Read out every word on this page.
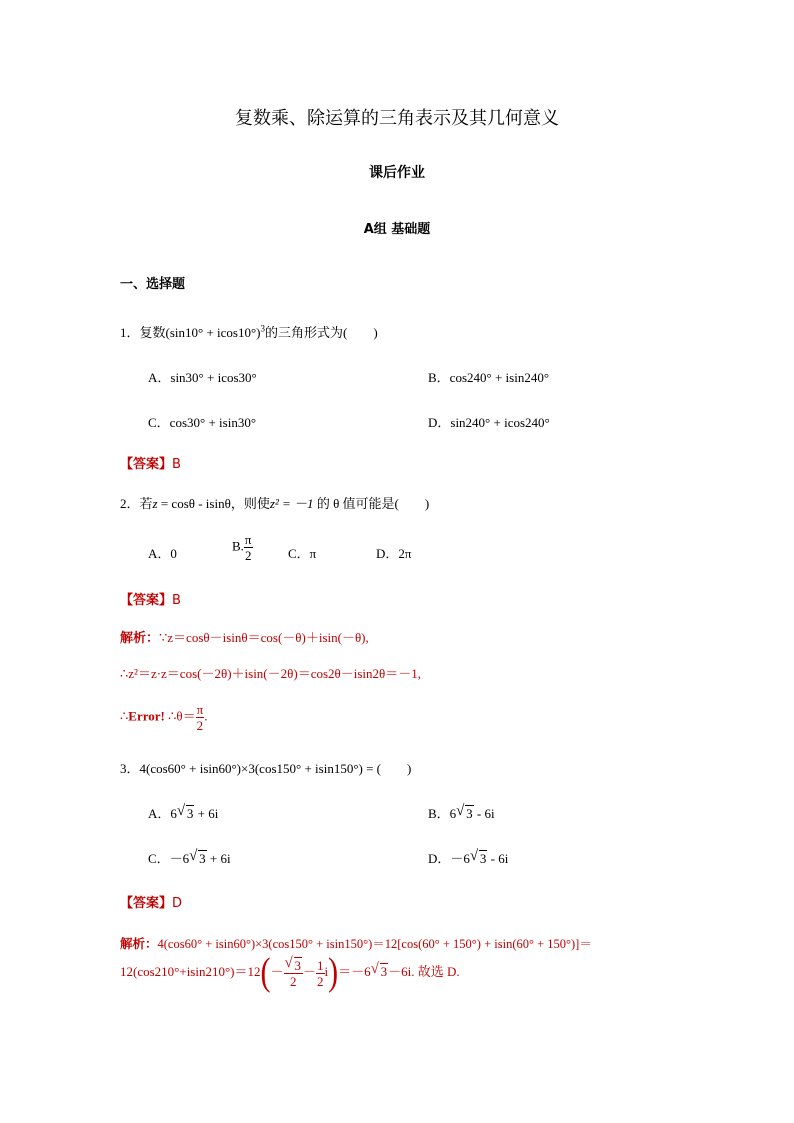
复数乘、除运算的三角表示及其几何意义
课后作业
A组 基础题
一、选择题
1．复数$(\sin 10^\circ + icos10^\circ)^3$的三角形式为(　　)
A．sin30° + icos30°	B．cos240° + isin240°
C．cos30° + isin30°	D．sin240° + icos240°
【答案】B
2．若z = cosθ - isinθ，则使z² = －1 的 θ 值可能是(　　)
A．0
B. $\frac{\pi}{2}$	C．π	D．2π
【答案】B
解析：∵z＝cosθ－isinθ＝cos(－θ)＋isin(－θ),
∴z²＝z·z＝cos(－2θ)＋isin(－2θ)＝cos2θ－isin2θ＝－1,
∴Error! ∴θ＝ $\frac{\pi}{2}$ .
3．4(cos60° + isin60°)×3(cos150° + isin150°) = (　　)
A．6 √ 3 + 6i	B．6 √ 3 - 6i
C．－6 √ 3 + 6i	D．－6 √ 3 - 6i
【答案】D
解析：4(cos60° + isin60°)×3(cos150° + isin150°)＝12[cos(60° + 150°) + isin(60° + 150°)]＝
$12(\cos 210^\circ+isin210^\circ)=12(- \frac{√ 3}{2} - \frac{1}{2} i)=-6$ √ 3－6i. 故选 D.
